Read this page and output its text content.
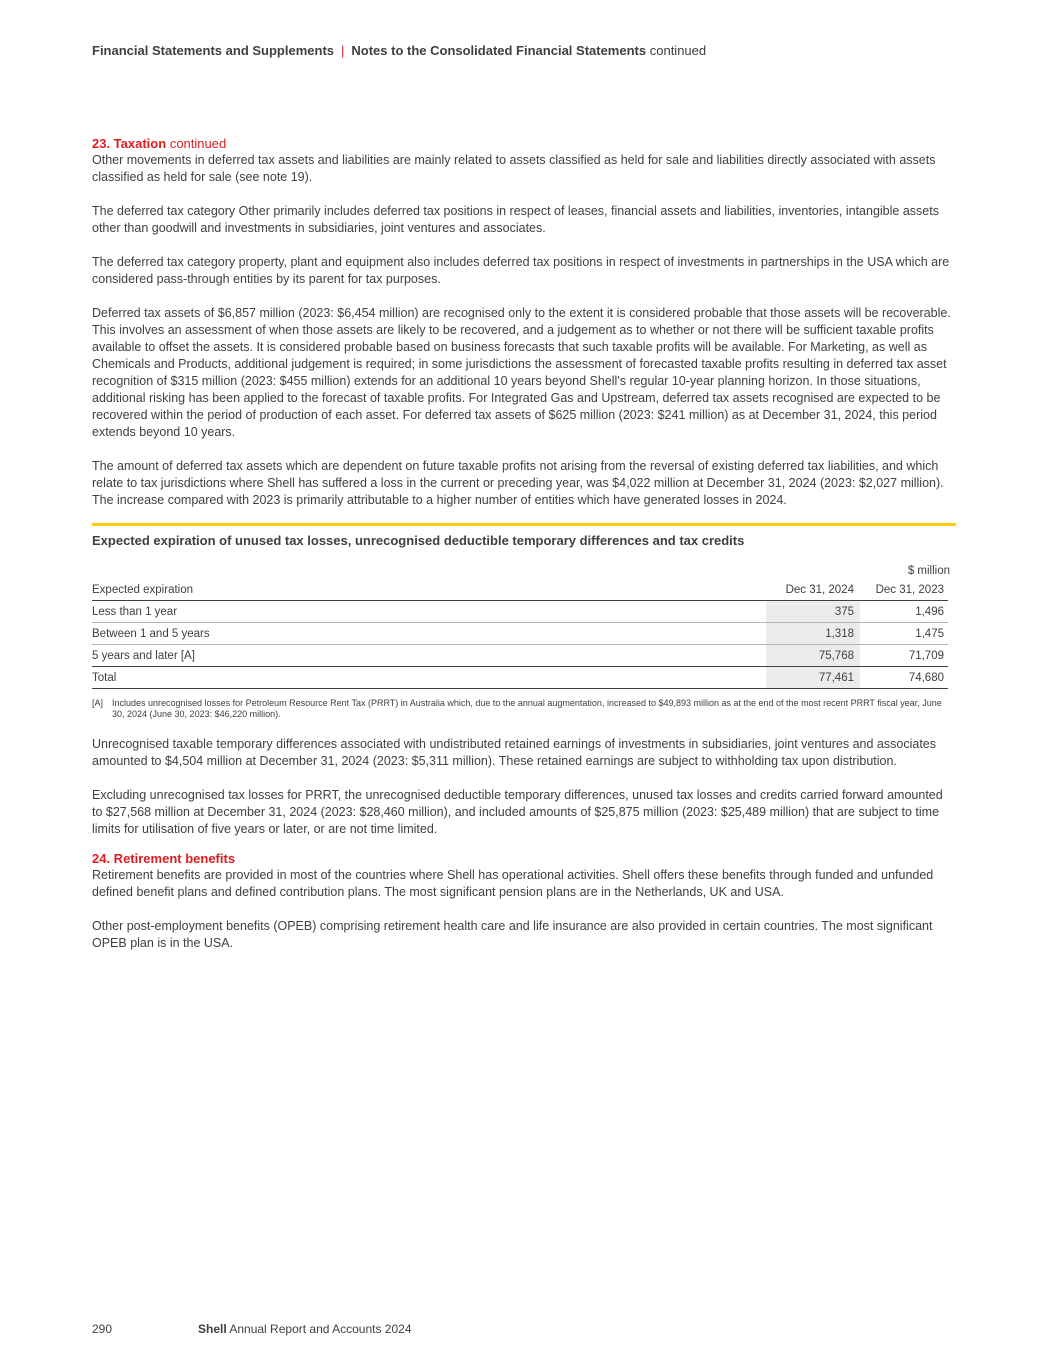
Financial Statements and Supplements | Notes to the Consolidated Financial Statements continued
23. Taxation continued

Other movements in deferred tax assets and liabilities are mainly related to assets classified as held for sale and liabilities directly associated with assets classified as held for sale (see note 19).

The deferred tax category Other primarily includes deferred tax positions in respect of leases, financial assets and liabilities, inventories, intangible assets other than goodwill and investments in subsidiaries, joint ventures and associates.

The deferred tax category property, plant and equipment also includes deferred tax positions in respect of investments in partnerships in the USA which are considered pass-through entities by its parent for tax purposes.

Deferred tax assets of $6,857 million (2023: $6,454 million) are recognised only to the extent it is considered probable that those assets will be recoverable. This involves an assessment of when those assets are likely to be recovered, and a judgement as to whether or not there will be sufficient taxable profits available to offset the assets. It is considered probable based on business forecasts that such taxable profits will be available. For Marketing, as well as Chemicals and Products, additional judgement is required; in some jurisdictions the assessment of forecasted taxable profits resulting in deferred tax asset recognition of $315 million (2023: $455 million) extends for an additional 10 years beyond Shell's regular 10-year planning horizon. In those situations, additional risking has been applied to the forecast of taxable profits. For Integrated Gas and Upstream, deferred tax assets recognised are expected to be recovered within the period of production of each asset. For deferred tax assets of $625 million (2023: $241 million) as at December 31, 2024, this period extends beyond 10 years.

The amount of deferred tax assets which are dependent on future taxable profits not arising from the reversal of existing deferred tax liabilities, and which relate to tax jurisdictions where Shell has suffered a loss in the current or preceding year, was $4,022 million at December 31, 2024 (2023: $2,027 million). The increase compared with 2023 is primarily attributable to a higher number of entities which have generated losses in 2024.

Expected expiration of unused tax losses, unrecognised deductible temporary differences and tax credits
$ million
Expected expiration	Dec 31, 2024	Dec 31, 2023
Less than 1 year	375	1,496
Between 1 and 5 years	1,318	1,475
5 years and later [A]	75,768	71,709
Total	77,461	74,680
[A] Includes unrecognised losses for Petroleum Resource Rent Tax (PRRT) in Australia which, due to the annual augmentation, increased to $49,893 million as at the end of the most recent PRRT fiscal year, June 30, 2024 (June 30, 2023: $46,220 million).

Unrecognised taxable temporary differences associated with undistributed retained earnings of investments in subsidiaries, joint ventures and associates amounted to $4,504 million at December 31, 2024 (2023: $5,311 million). These retained earnings are subject to withholding tax upon distribution.

Excluding unrecognised tax losses for PRRT, the unrecognised deductible temporary differences, unused tax losses and credits carried forward amounted to $27,568 million at December 31, 2024 (2023: $28,460 million), and included amounts of $25,875 million (2023: $25,489 million) that are subject to time limits for utilisation of five years or later, or are not time limited.

24. Retirement benefits

Retirement benefits are provided in most of the countries where Shell has operational activities. Shell offers these benefits through funded and unfunded defined benefit plans and defined contribution plans. The most significant pension plans are in the Netherlands, UK and USA.

Other post-employment benefits (OPEB) comprising retirement health care and life insurance are also provided in certain countries. The most significant OPEB plan is in the USA.

290	Shell Annual Report and Accounts 2024
